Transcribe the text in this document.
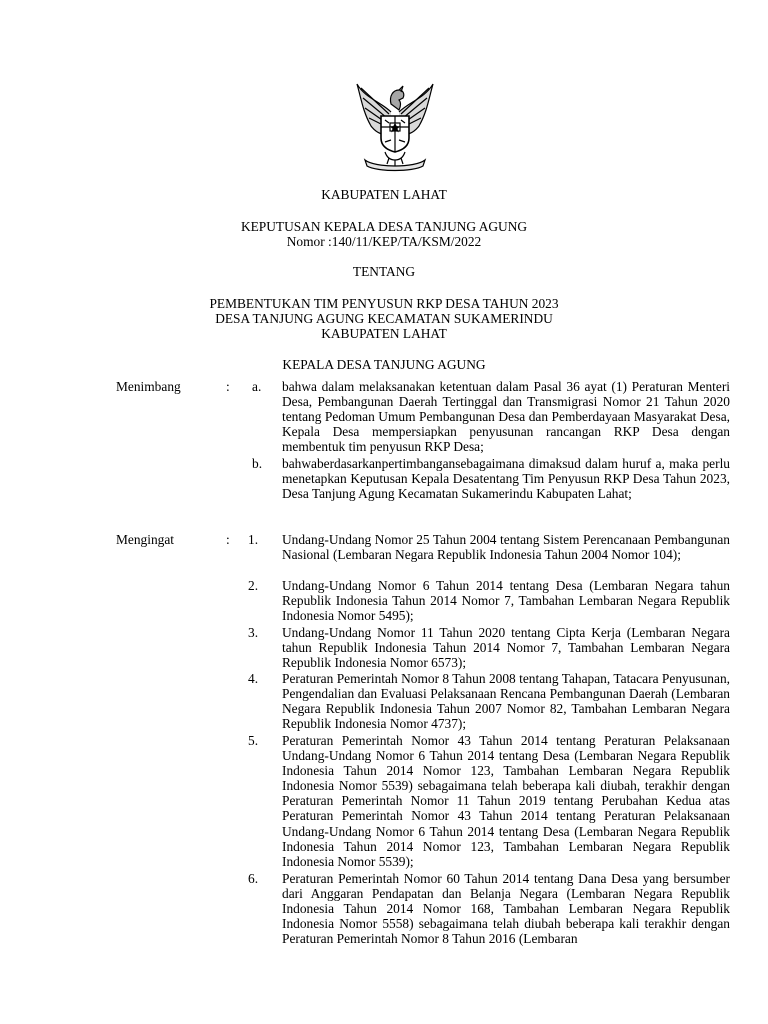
KABUPATEN LAHAT
KEPUTUSAN KEPALA DESA TANJUNG AGUNG
Nomor :140/11/KEP/TA/KSM/2022
TENTANG
PEMBENTUKAN TIM PENYUSUN RKP DESA TAHUN 2023
DESA TANJUNG AGUNG KECAMATAN SUKAMERINDU
KABUPATEN LAHAT
KEPALA DESA TANJUNG AGUNG
Menimbang	: a. bahwa dalam melaksanakan ketentuan dalam Pasal 36 ayat (1) Peraturan Menteri Desa, Pembangunan Daerah Tertinggal dan Transmigrasi Nomor 21 Tahun 2020 tentang Pedoman Umum Pembangunan Desa dan Pemberdayaan Masyarakat Desa, Kepala Desa mempersiapkan penyusunan rancangan RKP Desa dengan membentuk tim penyusun RKP Desa;
b. bahwaberdasarkanpertimbangansebagaimana dimaksud dalam huruf a, maka perlu menetapkan Keputusan Kepala Desatentang Tim Penyusun RKP Desa Tahun 2023, Desa Tanjung Agung Kecamatan Sukamerindu Kabupaten Lahat;
Mengingat	: 1. Undang-Undang Nomor 25 Tahun 2004 tentang Sistem Perencanaan Pembangunan Nasional (Lembaran Negara Republik Indonesia Tahun 2004 Nomor 104);
2. Undang-Undang Nomor 6 Tahun 2014 tentang Desa (Lembaran Negara tahun Republik Indonesia Tahun 2014 Nomor 7, Tambahan Lembaran Negara Republik Indonesia Nomor 5495);
3. Undang-Undang Nomor 11 Tahun 2020 tentang Cipta Kerja (Lembaran Negara tahun Republik Indonesia Tahun 2014 Nomor 7, Tambahan Lembaran Negara Republik Indonesia Nomor 6573);
4. Peraturan Pemerintah Nomor 8 Tahun 2008 tentang Tahapan, Tatacara Penyusunan, Pengendalian dan Evaluasi Pelaksanaan Rencana Pembangunan Daerah (Lembaran Negara Republik Indonesia Tahun 2007 Nomor 82, Tambahan Lembaran Negara Republik Indonesia Nomor 4737);
5. Peraturan Pemerintah Nomor 43 Tahun 2014 tentang Peraturan Pelaksanaan Undang-Undang Nomor 6 Tahun 2014 tentang Desa (Lembaran Negara Republik Indonesia Tahun 2014 Nomor 123, Tambahan Lembaran Negara Republik Indonesia Nomor 5539) sebagaimana telah beberapa kali diubah, terakhir dengan Peraturan Pemerintah Nomor 11 Tahun 2019 tentang Perubahan Kedua atas Peraturan Pemerintah Nomor 43 Tahun 2014 tentang Peraturan Pelaksanaan Undang-Undang Nomor 6 Tahun 2014 tentang Desa (Lembaran Negara Republik Indonesia Tahun 2014 Nomor 123, Tambahan Lembaran Negara Republik Indonesia Nomor 5539);
6. Peraturan Pemerintah Nomor 60 Tahun 2014 tentang Dana Desa yang bersumber dari Anggaran Pendapatan dan Belanja Negara (Lembaran Negara Republik Indonesia Tahun 2014 Nomor 168, Tambahan Lembaran Negara Republik Indonesia Nomor 5558) sebagaimana telah diubah beberapa kali terakhir dengan Peraturan Pemerintah Nomor 8 Tahun 2016 (Lembaran
